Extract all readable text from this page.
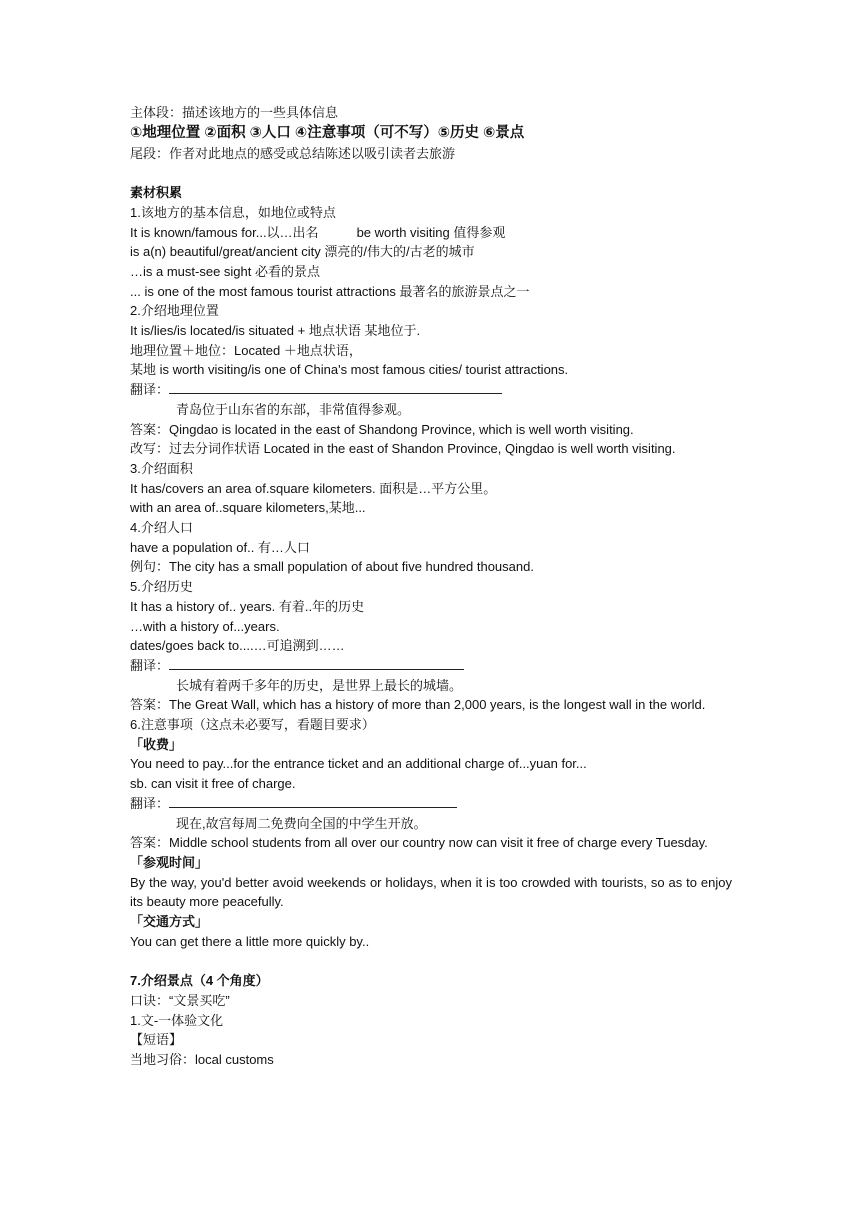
主体段：描述该地方的一些具体信息
①地理位置 ②面积 ③人口 ④注意事项（可不写）⑤历史 ⑥景点
尾段：作者对此地点的感受或总结陈述以吸引读者去旅游
素材积累
1.该地方的基本信息，如地位或特点
It is known/famous for...以…出名	be worth visiting 值得参观
is a(n) beautiful/great/ancient city 漂亮的/伟大的/古老的城市
…is a must-see sight 必看的景点
... is one of the most famous tourist attractions 最著名的旅游景点之一
2.介绍地理位置
It is/lies/is located/is situated + 地点状语 某地位于.
地理位置＋地位：Located ＋地点状语，
某地 is worth visiting/is one of China's most famous cities/ tourist attractions.
翻译：
青岛位于山东省的东部，非常值得参观。
答案：Qingdao is located in the east of Shandong Province, which is well worth visiting.
改写：过去分词作状语 Located in the east of Shandon Province, Qingdao is well worth visiting.
3.介绍面积
It has/covers an area of.square kilometers. 面积是…平方公里。
with an area of..square kilometers,某地...
4.介绍人口
have a population of.. 有…人口
例句：The city has a small population of about five hundred thousand.
5.介绍历史
It has a history of.. years. 有着..年的历史
…with a history of...years.
dates/goes back to....…可追溯到……
翻译：
长城有着两千多年的历史，是世界上最长的城墙。
答案：The Great Wall, which has a history of more than 2,000 years, is the longest wall in the world.
6.注意事项（这点未必要写，看题目要求）
「收费」
You need to pay...for the entrance ticket and an additional charge of...yuan for...
sb. can visit it free of charge.
翻译：
现在,故宫每周二免费向全国的中学生开放。
答案：Middle school students from all over our country now can visit it free of charge every Tuesday.
「参观时间」
By the way, you'd better avoid weekends or holidays, when it is too crowded with tourists, so as to enjoy its beauty more peacefully.
「交通方式」
You can get there a little more quickly by..
7.介绍景点（4 个角度）
口诀：“文景买吃”
1.文-一体验文化
【短语】
当地习俗：local customs
